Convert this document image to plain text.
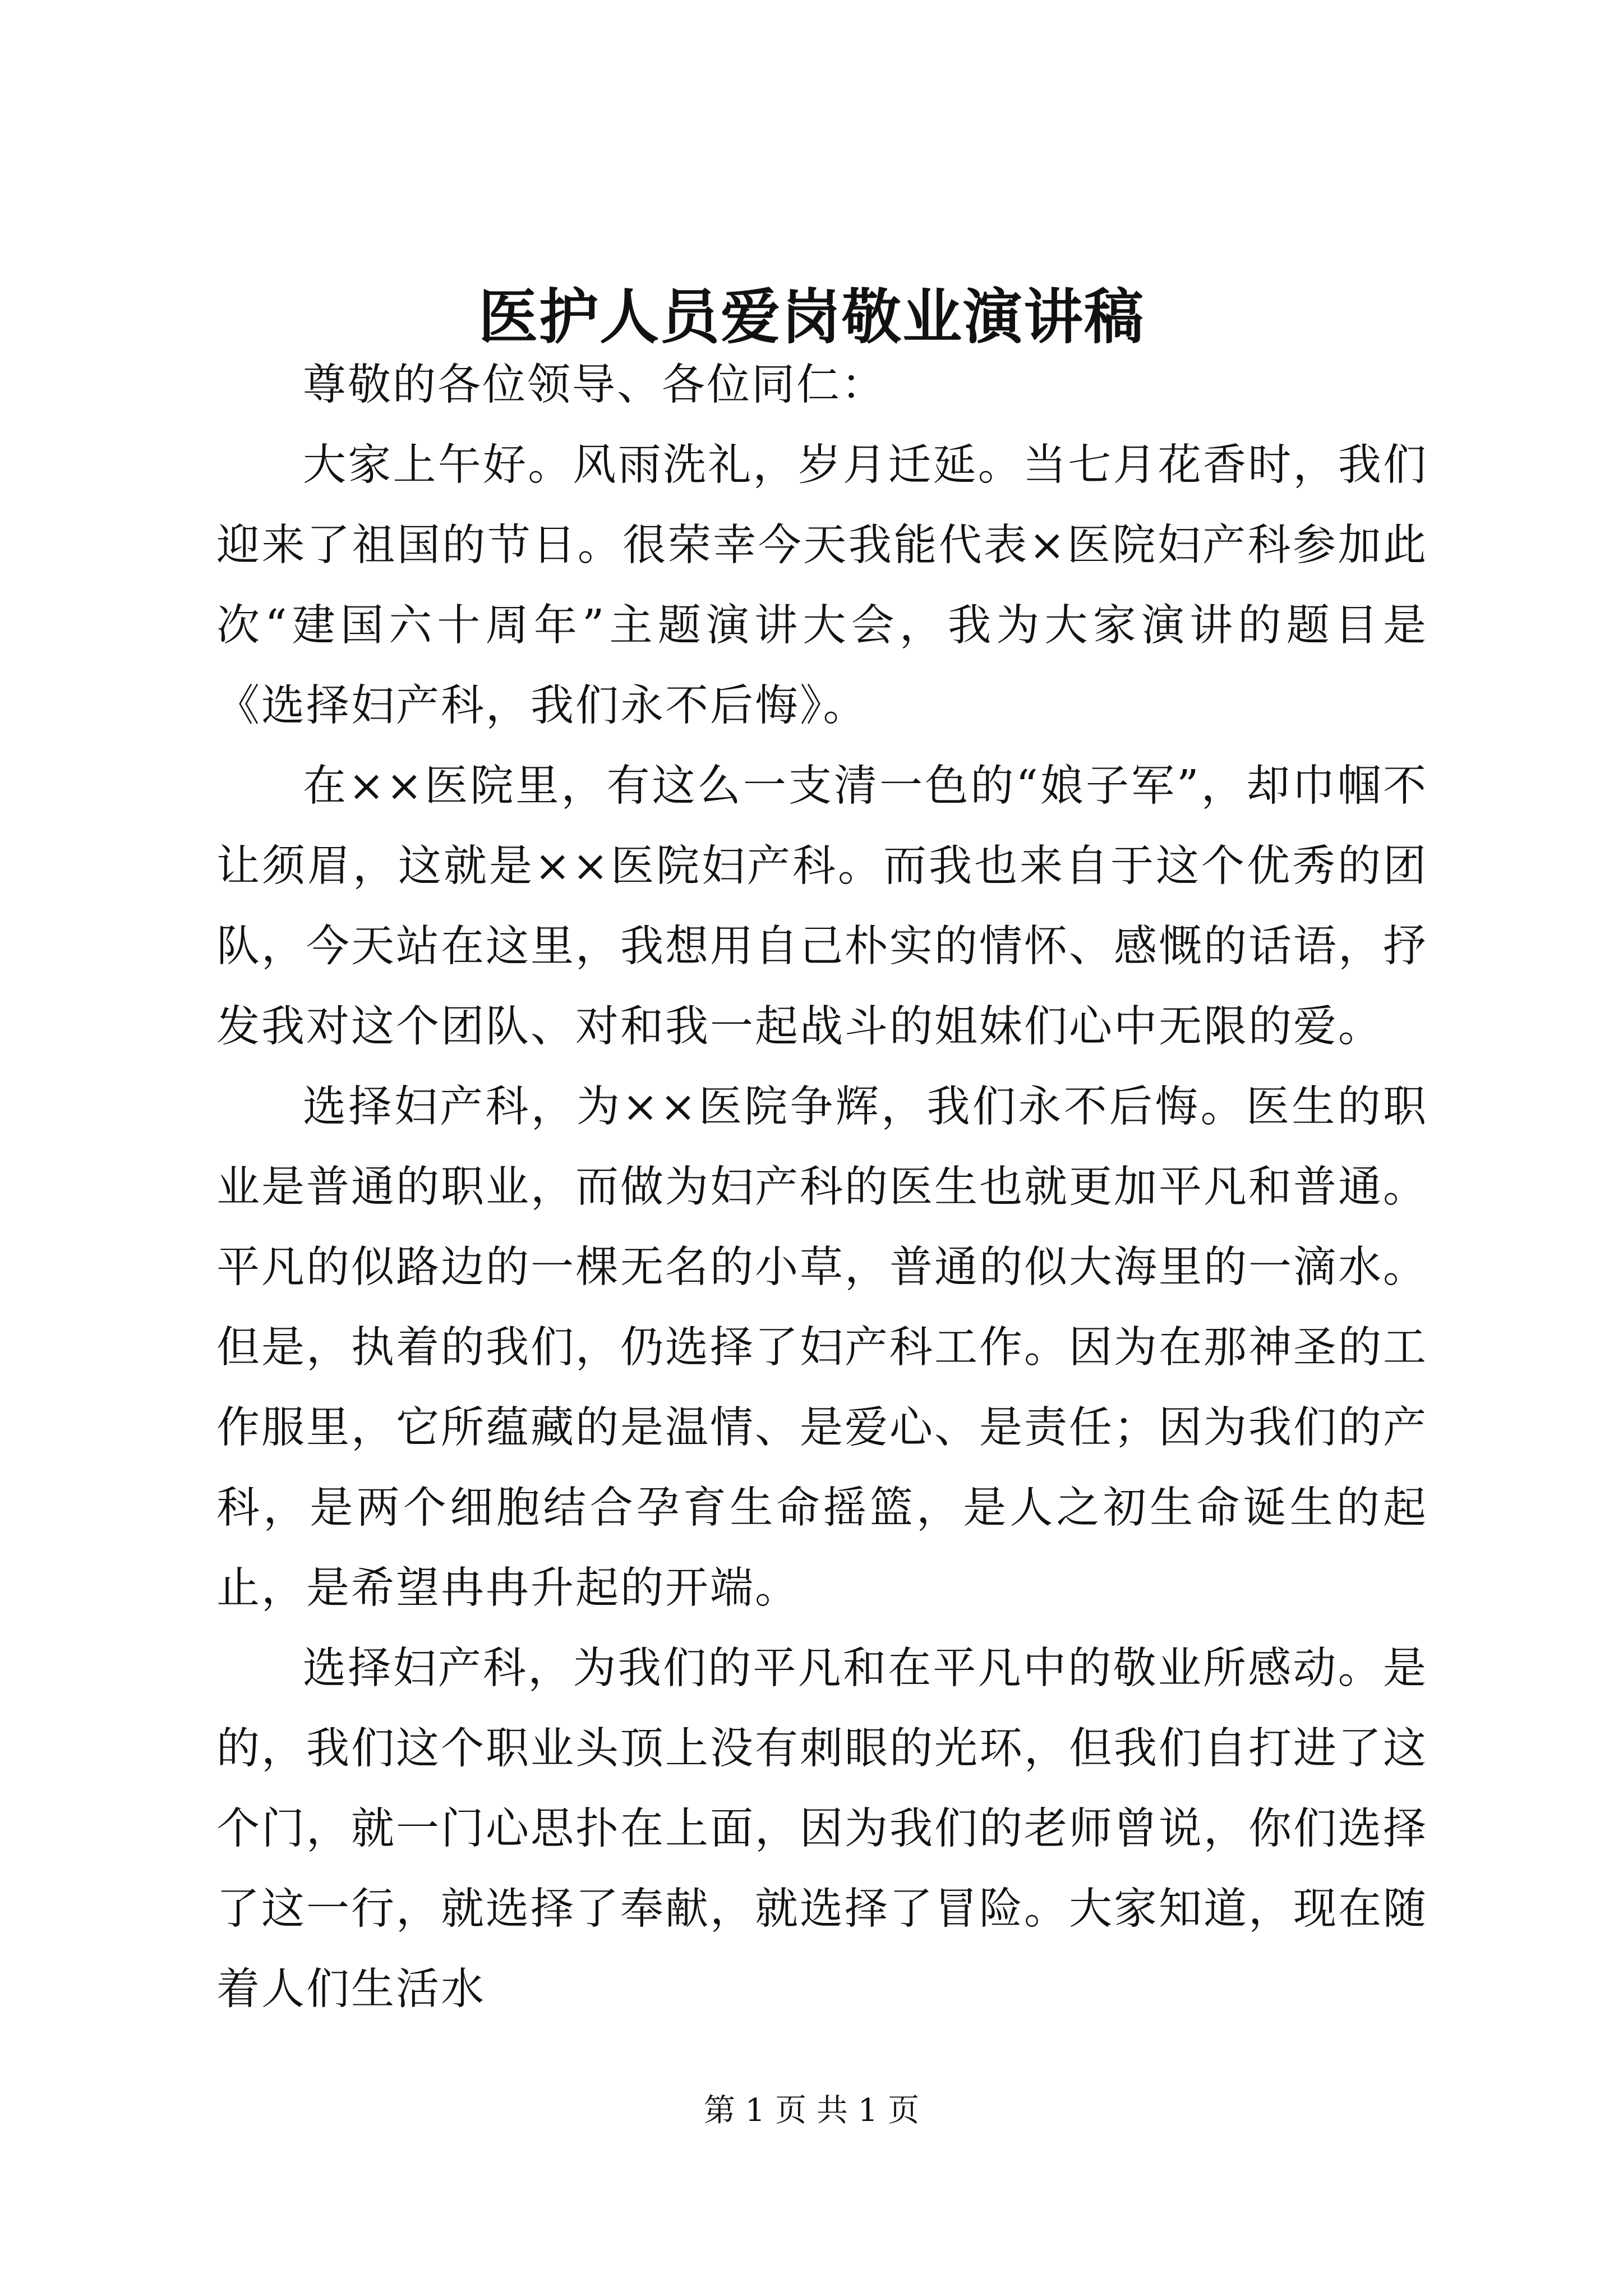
医护人员爱岗敬业演讲稿

尊敬的各位领导、各位同仁：

大家上午好。风雨洗礼，岁月迁延。当七月花香时，我们迎来了祖国的节日。很荣幸今天我能代表×医院妇产科参加此次“建国六十周年”主题演讲大会，我为大家演讲的题目是《选择妇产科，我们永不后悔》。

在××医院里，有这么一支清一色的“娘子军”，却巾帼不让须眉，这就是××医院妇产科。而我也来自于这个优秀的团队，今天站在这里，我想用自己朴实的情怀、感慨的话语，抒发我对这个团队、对和我一起战斗的姐妹们心中无限的爱。

选择妇产科，为××医院争辉，我们永不后悔。医生的职业是普通的职业，而做为妇产科的医生也就更加平凡和普通。平凡的似路边的一棵无名的小草，普通的似大海里的一滴水。但是，执着的我们，仍选择了妇产科工作。因为在那神圣的工作服里，它所蕴藏的是温情、是爱心、是责任；因为我们的产科，是两个细胞结合孕育生命摇篮，是人之初生命诞生的起止，是希望冉冉升起的开端。

选择妇产科，为我们的平凡和在平凡中的敬业所感动。是的，我们这个职业头顶上没有刺眼的光环，但我们自打进了这个门，就一门心思扑在上面，因为我们的老师曾说，你们选择了这一行，就选择了奉献，就选择了冒险。大家知道，现在随着人们生活水

第 1 页 共 1 页
